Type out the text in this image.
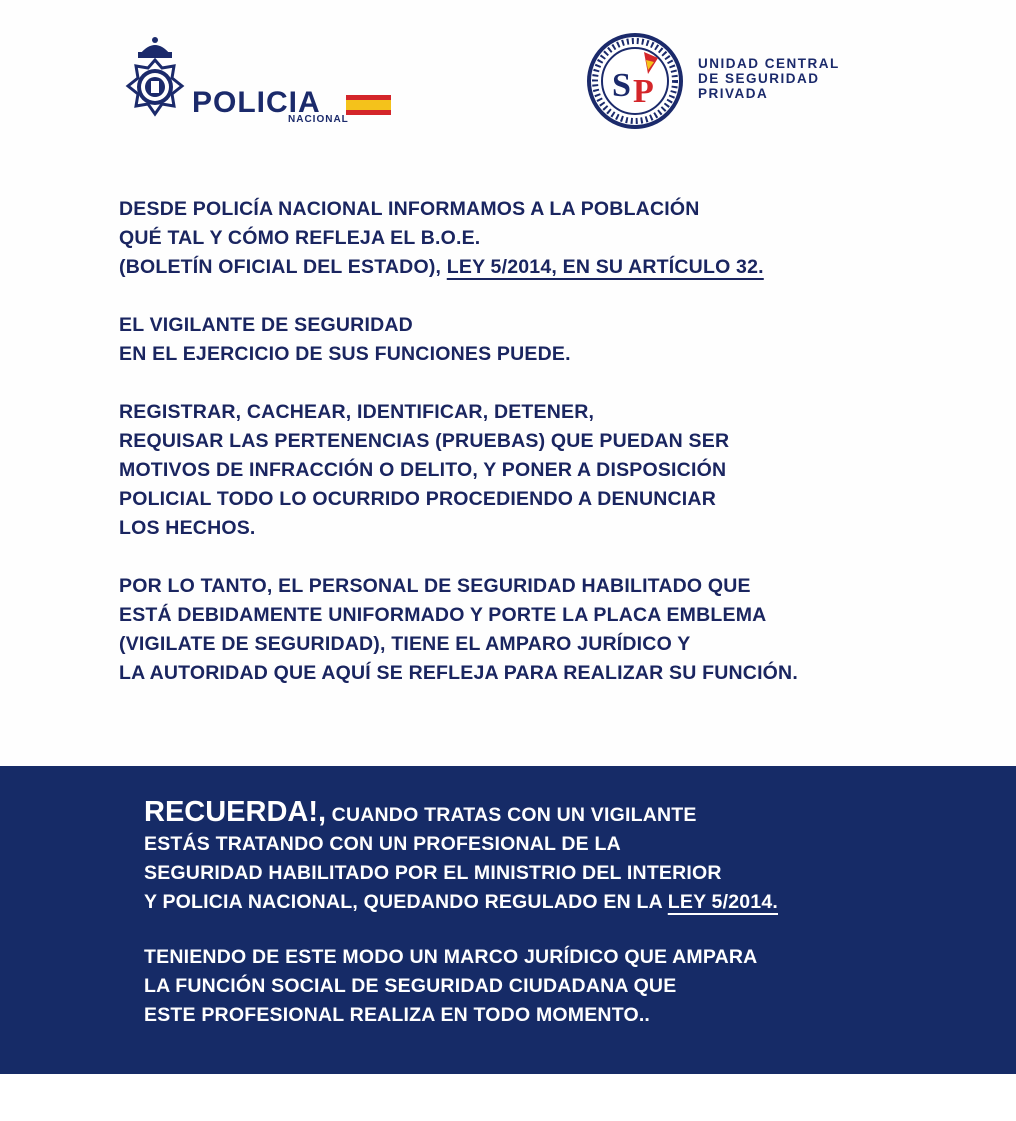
POLICIA
NACIONAL
S P
UNIDAD CENTRAL
DE SEGURIDAD
PRIVADA

DESDE POLICÍA NACIONAL INFORMAMOS A LA POBLACIÓN
QUÉ TAL Y CÓMO REFLEJA EL B.O.E.
(BOLETÍN OFICIAL DEL ESTADO), LEY 5/2014, EN SU ARTÍCULO 32.

EL VIGILANTE DE SEGURIDAD
EN EL EJERCICIO DE SUS FUNCIONES PUEDE.

REGISTRAR, CACHEAR, IDENTIFICAR, DETENER,
REQUISAR LAS PERTENENCIAS (PRUEBAS) QUE PUEDAN SER
MOTIVOS DE INFRACCIÓN O DELITO, Y PONER A DISPOSICIÓN
POLICIAL TODO LO OCURRIDO PROCEDIENDO A DENUNCIAR
LOS HECHOS.

POR LO TANTO, EL PERSONAL DE SEGURIDAD HABILITADO QUE
ESTÁ DEBIDAMENTE UNIFORMADO Y PORTE LA PLACA EMBLEMA
(VIGILATE DE SEGURIDAD), TIENE EL AMPARO JURÍDICO Y
LA AUTORIDAD QUE AQUÍ SE REFLEJA PARA REALIZAR SU FUNCIÓN.

RECUERDA!, CUANDO TRATAS CON UN VIGILANTE
ESTÁS TRATANDO CON UN PROFESIONAL DE LA
SEGURIDAD HABILITADO POR EL MINISTRIO DEL INTERIOR
Y POLICIA NACIONAL, QUEDANDO REGULADO EN LA LEY 5/2014.

TENIENDO DE ESTE MODO UN MARCO JURÍDICO QUE AMPARA
LA FUNCIÓN SOCIAL DE SEGURIDAD CIUDADANA QUE
ESTE PROFESIONAL REALIZA EN TODO MOMENTO..
